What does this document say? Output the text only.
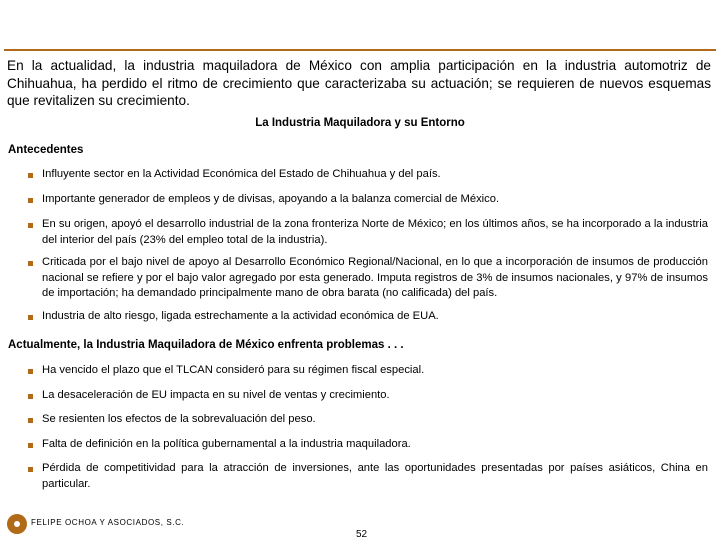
En la actualidad, la industria maquiladora de México con amplia participación en la industria automotriz de Chihuahua, ha perdido el ritmo de crecimiento que caracterizaba su actuación; se requieren de nuevos esquemas que revitalizen su crecimiento.

La Industria Maquiladora y su Entorno
Antecedentes
Influyente sector en la Actividad Económica del Estado de Chihuahua y del país.
Importante generador de empleos y de divisas, apoyando a la balanza comercial de México.
En su origen, apoyó el desarrollo industrial de la zona fronteriza Norte de México; en los últimos años, se ha incorporado a la industria del interior del país (23% del empleo total de la industria).
Criticada por el bajo nivel de apoyo al Desarrollo Económico Regional/Nacional, en lo que a incorporación de insumos de producción nacional se refiere y por el bajo valor agregado por esta generado. Imputa registros de 3% de insumos nacionales, y 97% de insumos de importación; ha demandado principalmente mano de obra barata (no calificada) del país.
Industria de alto riesgo, ligada estrechamente a la actividad económica de EUA.
Actualmente, la Industria Maquiladora de México enfrenta problemas . . .
Ha vencido el plazo que el TLCAN consideró para su régimen fiscal especial.
La desaceleración de EU impacta en su nivel de ventas y crecimiento.
Se resienten los efectos de la sobrevaluación del peso.
Falta de definición en la política gubernamental a la industria maquiladora.
Pérdida de competitividad para la atracción de inversiones, ante las oportunidades presentadas por países asiáticos, China en particular.
FELIPE OCHOA Y ASOCIADOS, S.C.
52
